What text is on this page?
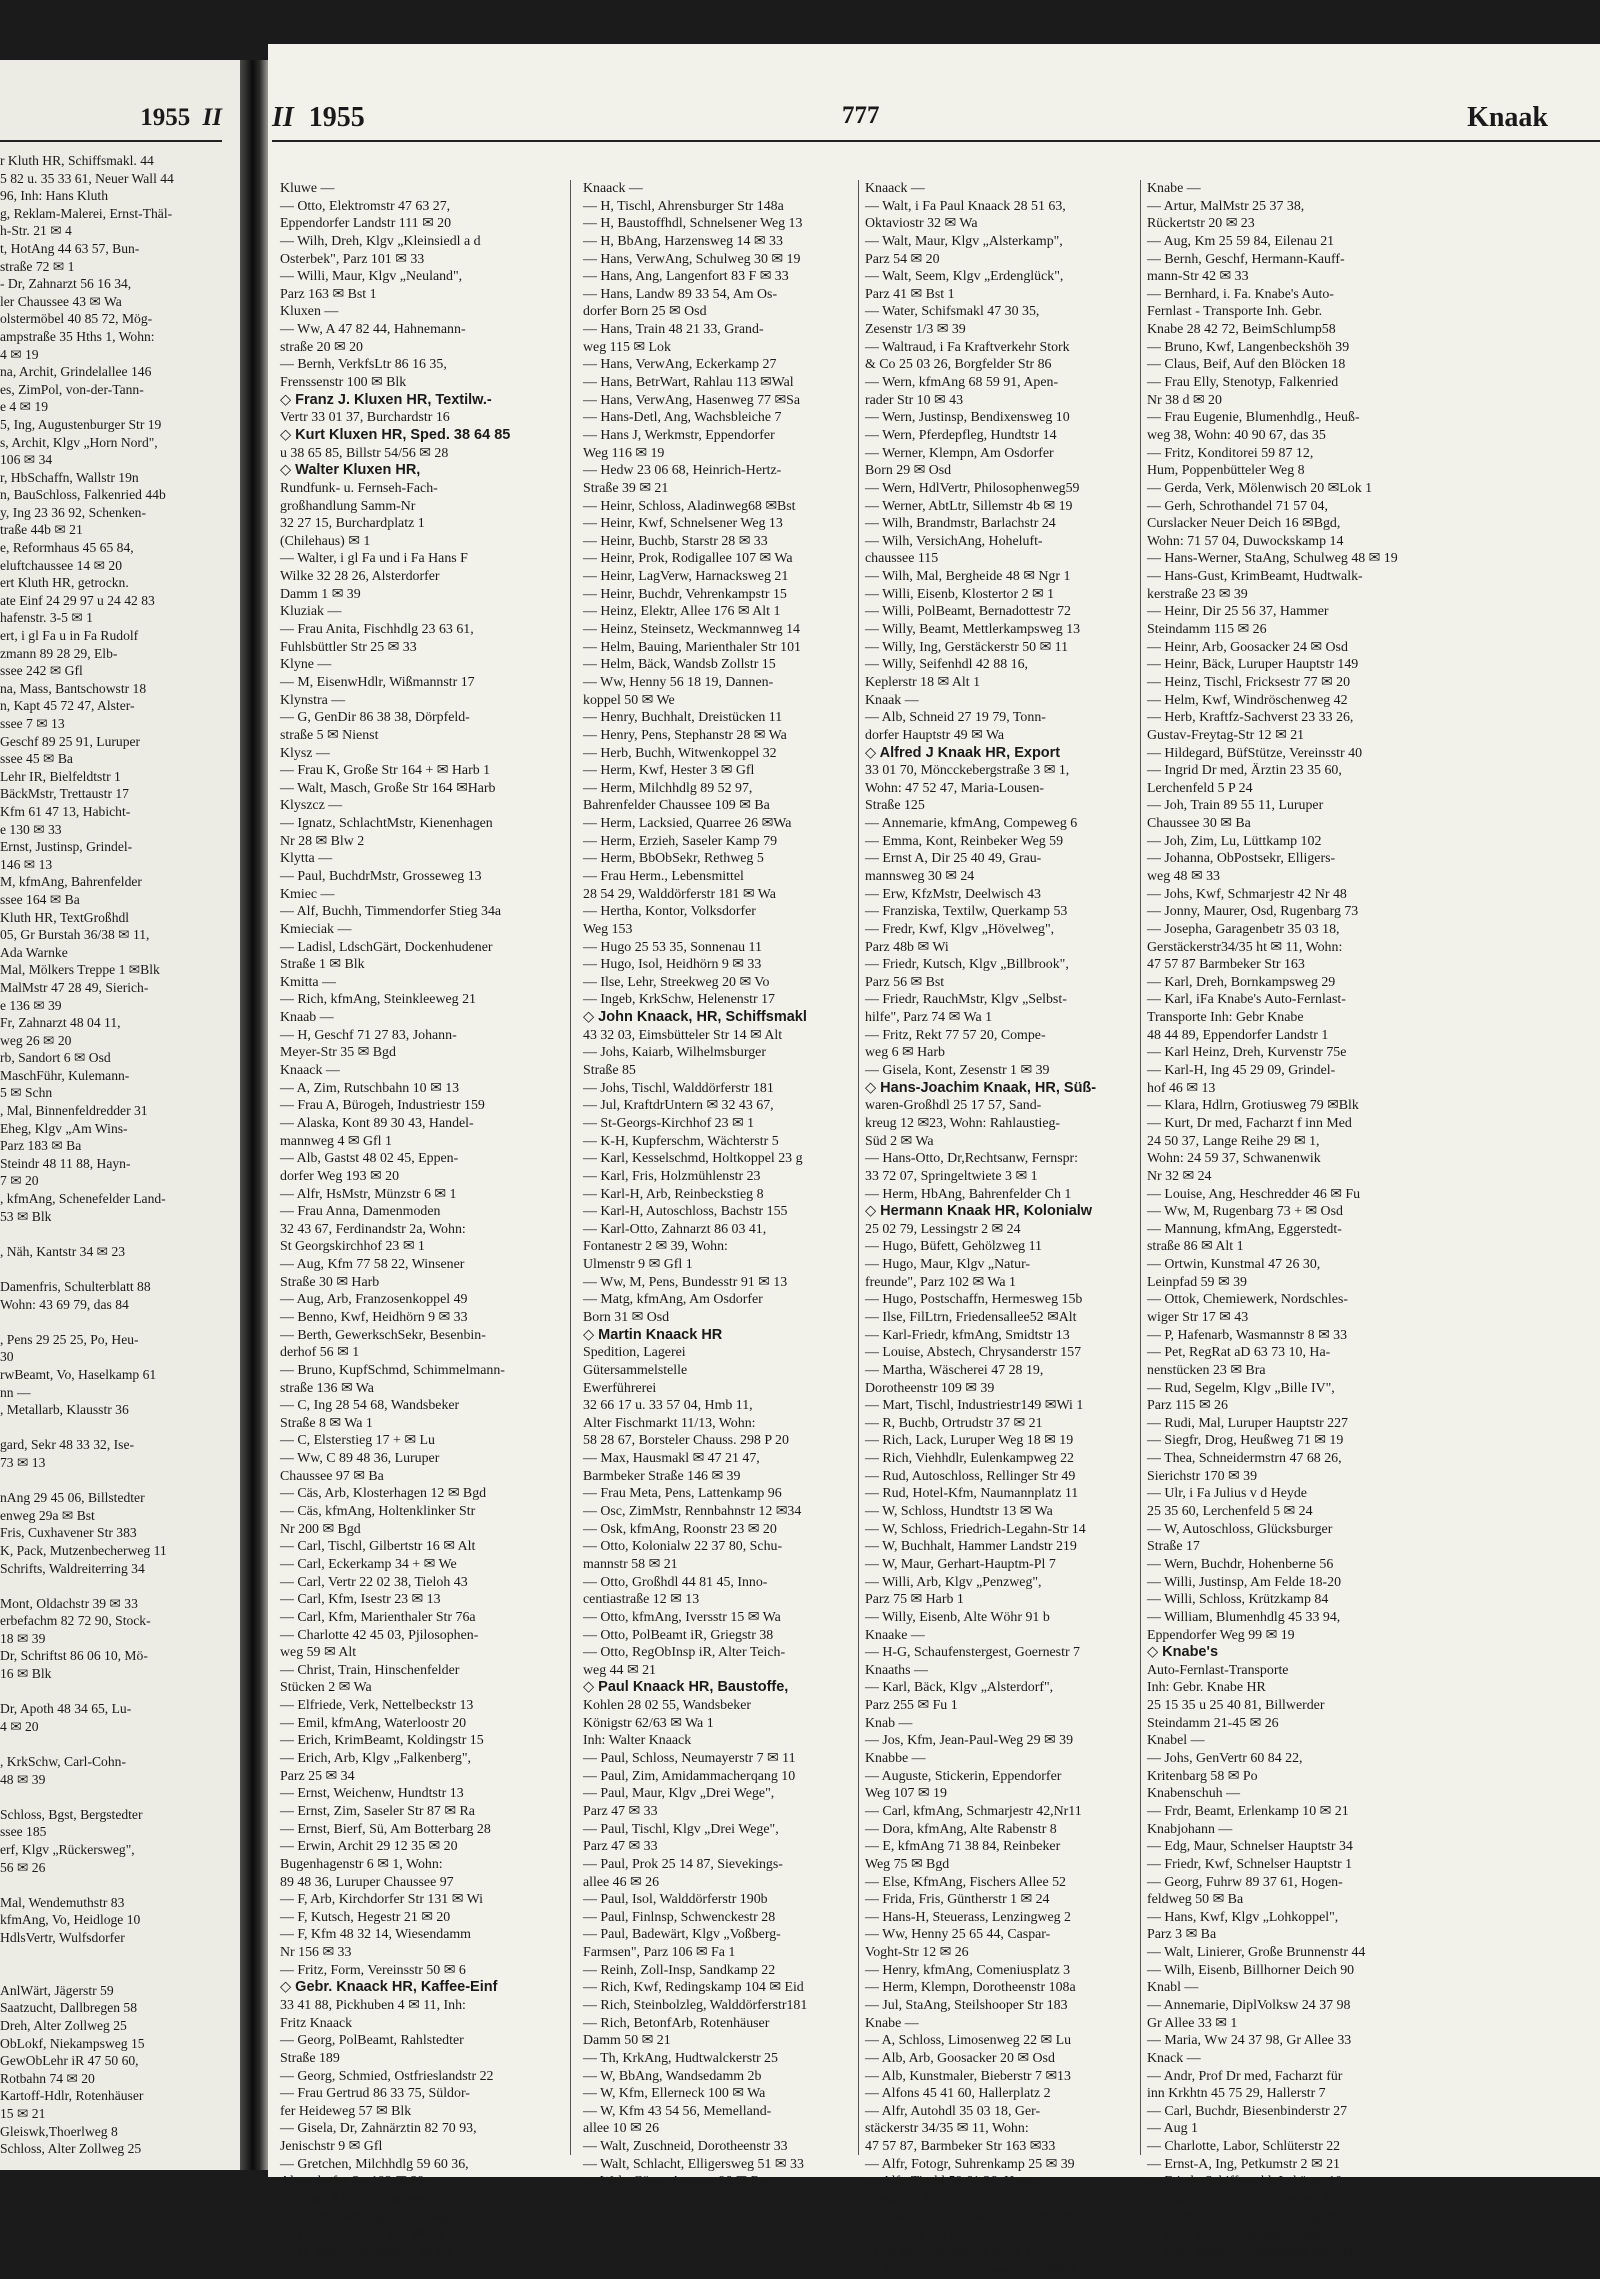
1955 II
r Kluth HR, Schiffsmakl. 44
5 82 u. 35 33 61, Neuer Wall 44
96, Inh: Hans Kluth
g, Reklam-Malerei, Ernst-Thäl-
h-Str. 21 ✉ 4
t, HotAng 44 63 57, Bun-
straße 72 ✉ 1
- Dr, Zahnarzt 56 16 34,
ler Chaussee 43 ✉ Wa
olstermöbel 40 85 72, Mög-
ampstraße 35 Hths 1, Wohn:
4 ✉ 19
na, Archit, Grindelallee 146
es, ZimPol, von-der-Tann-
e 4 ✉ 19
5, Ing, Augustenburger Str 19
s, Archit, Klgv „Horn Nord",
106 ✉ 34
r, HbSchaffn, Wallstr 19n
n, BauSchloss, Falkenried 44b
y, Ing 23 36 92, Schenken-
traße 44b ✉ 21
e, Reformhaus 45 65 84,
eluftchaussee 14 ✉ 20
ert Kluth HR, getrockn.
ate Einf 24 29 97 u 24 42 83
hafenstr. 3-5 ✉ 1
ert, i gl Fa u in Fa Rudolf
zmann 89 28 29, Elb-
ssee 242 ✉ Gfl
na, Mass, Bantschowstr 18
n, Kapt 45 72 47, Alster-
ssee 7 ✉ 13
Geschf 89 25 91, Luruper
ssee 45 ✉ Ba
Lehr IR, Bielfeldtstr 1
BäckMstr, Trettaustr 17
Kfm 61 47 13, Habicht-
e 130 ✉ 33
Ernst, Justinsp, Grindel-
146 ✉ 13
M, kfmAng, Bahrenfelder
ssee 164 ✉ Ba
Kluth HR, TextGroßhdl
05, Gr Burstah 36/38 ✉ 11,
Ada Warnke
Mal, Mölkers Treppe 1 ✉Blk
MalMstr 47 28 49, Sierich-
e 136 ✉ 39
Fr, Zahnarzt 48 04 11,
weg 26 ✉ 20
rb, Sandort 6 ✉ Osd
MaschFühr, Kulemann-
5 ✉ Schn
, Mal, Binnenfeldredder 31
Eheg, Klgv „Am Wins-
Parz 183 ✉ Ba
Steindr 48 11 88, Hayn-
7 ✉ 20
, kfmAng, Schenefelder Land-
53 ✉ Blk
, Näh, Kantstr 34 ✉ 23
Damenfris, Schulterblatt 88
Wohn: 43 69 79, das 84
, Pens 29 25 25, Po, Heu-
30
rwBeamt, Vo, Haselkamp 61
nn —
, Metallarb, Klausstr 36
gard, Sekr 48 33 32, Ise-
73 ✉ 13
nAng 29 45 06, Billstedter
enweg 29a ✉ Bst
Fris, Cuxhavener Str 383
K, Pack, Mutzenbecherweg 11
Schrifts, Waldreiterring 34
Mont, Oldachstr 39 ✉ 33
erbefachm 82 72 90, Stock-
18 ✉ 39
Dr, Schriftst 86 06 10, Mö-
16 ✉ Blk
Dr, Apoth 48 34 65, Lu-
4 ✉ 20
, KrkSchw, Carl-Cohn-
48 ✉ 39
Schloss, Bgst, Bergstedter
ssee 185
erf, Klgv „Rückersweg",
56 ✉ 26
Mal, Wendemuthstr 83
kfmAng, Vo, Heidloge 10
HdlsVertr, Wulfsdorfer
AnlWärt, Jägerstr 59
Saatzucht, Dallbregen 58
Dreh, Alter Zollweg 25
ObLokf, Niekampsweg 15
GewObLehr iR 47 50 60,
Rotbahn 74 ✉ 20
Kartoff-Hdlr, Rotenhäuser
15 ✉ 21
Gleiswk,Thoerlweg 8
Schloss, Alter Zollweg 25
II 1955	777	Knaak
Kluwe —
— Otto, Elektromstr 47 63 27,
Eppendorfer Landstr 111 ✉ 20
— Wilh, Dreh, Klgv „Kleinsiedl a d
Osterbek", Parz 101 ✉ 33
— Willi, Maur, Klgv „Neuland",
Parz 163 ✉ Bst 1
Kluxen —
— Ww, A 47 82 44, Hahnemann-
straße 20 ✉ 20
— Bernh, VerkfsLtr 86 16 35,
Frenssenstr 100 ✉ Blk
◇ Franz J. Kluxen HR, Textilw.-
Vertr 33 01 37, Burchardstr 16
◇ Kurt Kluxen HR, Sped. 38 64 85
u 38 65 85, Billstr 54/56 ✉ 28
◇ Walter Kluxen HR,
Rundfunk- u. Fernseh-Fach-
großhandlung Samm-Nr
32 27 15, Burchardplatz 1
(Chilehaus) ✉ 1
— Walter, i gl Fa und i Fa Hans F
Wilke 32 28 26, Alsterdorfer
Damm 1 ✉ 39
Kluziak —
— Frau Anita, Fischhdlg 23 63 61,
Fuhlsbüttler Str 25 ✉ 33
Klyne —
— M, EisenwHdlr, Wißmannstr 17
Klynstra —
— G, GenDir 86 38 38, Dörpfeld-
straße 5 ✉ Nienst
Klysz —
— Frau K, Große Str 164 + ✉ Harb 1
— Walt, Masch, Große Str 164 ✉Harb
Klyszcz —
— Ignatz, SchlachtMstr, Kienenhagen
Nr 28 ✉ Blw 2
Klytta —
— Paul, BuchdrMstr, Grosseweg 13
Kmiec —
— Alf, Buchh, Timmendorfer Stieg 34a
Kmieciak —
— Ladisl, LdschGärt, Dockenhudener
Straße 1 ✉ Blk
Kmitta —
— Rich, kfmAng, Steinkleeweg 21
Knaab —
— H, Geschf 71 27 83, Johann-
Meyer-Str 35 ✉ Bgd
Knaack —
— A, Zim, Rutschbahn 10 ✉ 13
— Frau A, Bürogeh, Industriestr 159
— Alaska, Kont 89 30 43, Handel-
mannweg 4 ✉ Gfl 1
— Alb, Gastst 48 02 45, Eppen-
dorfer Weg 193 ✉ 20
— Alfr, HsMstr, Münzstr 6 ✉ 1
— Frau Anna, Damenmoden
32 43 67, Ferdinandstr 2a, Wohn:
St Georgskirchhof 23 ✉ 1
— Aug, Kfm 77 58 22, Winsener
Straße 30 ✉ Harb
— Aug, Arb, Franzosenkoppel 49
— Benno, Kwf, Heidhörn 9 ✉ 33
— Berth, GewerkschSekr, Besenbin-
derhof 56 ✉ 1
— Bruno, KupfSchmd, Schimmelmann-
straße 136 ✉ Wa
— C, Ing 28 54 68, Wandsbeker
Straße 8 ✉ Wa 1
— C, Elsterstieg 17 + ✉ Lu
— Ww, C 89 48 36, Luruper
Chaussee 97 ✉ Ba
— Cäs, Arb, Klosterhagen 12 ✉ Bgd
— Cäs, kfmAng, Holtenklinker Str
Nr 200 ✉ Bgd
— Carl, Tischl, Gilbertstr 16 ✉ Alt
— Carl, Eckerkamp 34 + ✉ We
— Carl, Vertr 22 02 38, Tieloh 43
— Carl, Kfm, Isestr 23 ✉ 13
— Carl, Kfm, Marienthaler Str 76a
— Charlotte 42 45 03, Pjilosophen-
weg 59 ✉ Alt
— Christ, Train, Hinschenfelder
Stücken 2 ✉ Wa
— Elfriede, Verk, Nettelbeckstr 13
— Emil, kfmAng, Waterloostr 20
— Erich, KrimBeamt, Koldingstr 15
— Erich, Arb, Klgv „Falkenberg",
Parz 25 ✉ 34
— Ernst, Weichenw, Hundtstr 13
— Ernst, Zim, Saseler Str 87 ✉ Ra
— Ernst, Bierf, Sü, Am Botterbarg 28
— Erwin, Archit 29 12 35 ✉ 20
Bugenhagenstr 6 ✉ 1, Wohn:
89 48 36, Luruper Chaussee 97
— F, Arb, Kirchdorfer Str 131 ✉ Wi
— F, Kutsch, Hegestr 21 ✉ 20
— F, Kfm 48 32 14, Wiesendamm
Nr 156 ✉ 33
— Fritz, Form, Vereinsstr 50 ✉ 6
◇ Gebr. Knaack HR, Kaffee-Einf
33 41 88, Pickhuben 4 ✉ 11, Inh:
Fritz Knaack
— Georg, PolBeamt, Rahlstedter
Straße 189
— Georg, Schmied, Ostfrieslandstr 22
— Frau Gertrud 86 33 75, Süldor-
fer Heideweg 57 ✉ Blk
— Gisela, Dr, Zahnärztin 82 70 93,
Jenischstr 9 ✉ Gfl
— Gretchen, Milchhdlg 59 60 36,
Alsterdorfer Str 192 ✉ 39
— Gust, Kfm, Schmarjestr 26 ✉39
— Günth, Werkzgm, Spaldingstr 24
— H, Elektr, Allee 164 ✉ Alt 1
— H, Maur, Schultzstr 7 ✉ Wa
Knaack —
— H, Tischl, Ahrensburger Str 148a
— H, Baustoffhdl, Schnelsener Weg 13
— H, BbAng, Harzensweg 14 ✉ 33
— Hans, VerwAng, Schulweg 30 ✉ 19
— Hans, Ang, Langenfort 83 F ✉ 33
— Hans, Landw 89 33 54, Am Os-
dorfer Born 25 ✉ Osd
— Hans, Train 48 21 33, Grand-
weg 115 ✉ Lok
— Hans, VerwAng, Eckerkamp 27
— Hans, BetrWart, Rahlau 113 ✉Wal
— Hans, VerwAng, Hasenweg 77 ✉Sa
— Hans-Detl, Ang, Wachsbleiche 7
— Hans J, Werkmstr, Eppendorfer
Weg 116 ✉ 19
— Hedw 23 06 68, Heinrich-Hertz-
Straße 39 ✉ 21
— Heinr, Schloss, Aladinweg68 ✉Bst
— Heinr, Kwf, Schnelsener Weg 13
— Heinr, Buchb, Starstr 28 ✉ 33
— Heinr, Prok, Rodigallee 107 ✉ Wa
— Heinr, LagVerw, Harnacksweg 21
— Heinr, Buchdr, Vehrenkampstr 15
— Heinz, Elektr, Allee 176 ✉ Alt 1
— Heinz, Steinsetz, Weckmannweg 14
— Helm, Bauing, Marienthaler Str 101
— Helm, Bäck, Wandsb Zollstr 15
— Ww, Henny 56 18 19, Dannen-
koppel 50 ✉ We
— Henry, Buchhalt, Dreistücken 11
— Henry, Pens, Stephanstr 28 ✉ Wa
— Herb, Buchh, Witwenkoppel 32
— Herm, Kwf, Hester 3 ✉ Gfl
— Herm, Milchhdlg 89 52 97,
Bahrenfelder Chaussee 109 ✉ Ba
— Herm, Lacksied, Quarree 26 ✉Wa
— Herm, Erzieh, Saseler Kamp 79
— Herm, BbObSekr, Rethweg 5
— Frau Herm., Lebensmittel
28 54 29, Walddörferstr 181 ✉ Wa
— Hertha, Kontor, Volksdorfer
Weg 153
— Hugo 25 53 35, Sonnenau 11
— Hugo, Isol, Heidhörn 9 ✉ 33
— Ilse, Lehr, Streekweg 20 ✉ Vo
— Ingeb, KrkSchw, Helenenstr 17
◇ John Knaack, HR, Schiffsmakl
43 32 03, Eimsbütteler Str 14 ✉ Alt
— Johs, Kaiarb, Wilhelmsburger
Straße 85
— Johs, Tischl, Walddörferstr 181
— Jul, KraftdrUntern ✉ 32 43 67,
— St-Georgs-Kirchhof 23 ✉ 1
— K-H, Kupferschm, Wächterstr 5
— Karl, Kesselschmd, Holtkoppel 23 g
— Karl, Fris, Holzmühlenstr 23
— Karl-H, Arb, Reinbeckstieg 8
— Karl-H, Autoschloss, Bachstr 155
— Karl-Otto, Zahnarzt 86 03 41,
Fontanestr 2 ✉ 39, Wohn:
Ulmenstr 9 ✉ Gfl 1
— Ww, M, Pens, Bundesstr 91 ✉ 13
— Matg, kfmAng, Am Osdorfer
Born 31 ✉ Osd
◇ Martin Knaack HR
Spedition, Lagerei
Gütersammelstelle
Ewerführerei
32 66 17 u. 33 57 04, Hmb 11,
Alter Fischmarkt 11/13, Wohn:
58 28 67, Borsteler Chauss. 298 P 20
— Max, Hausmakl ✉ 47 21 47,
Barmbeker Straße 146 ✉ 39
— Frau Meta, Pens, Lattenkamp 96
— Osc, ZimMstr, Rennbahnstr 12 ✉34
— Osk, kfmAng, Roonstr 23 ✉ 20
— Otto, Kolonialw 22 37 80, Schu-
mannstr 58 ✉ 21
— Otto, Großhdl 44 81 45, Inno-
centiastraße 12 ✉ 13
— Otto, kfmAng, Iversstr 15 ✉ Wa
— Otto, PolBeamt iR, Griegstr 38
— Otto, RegObInsp iR, Alter Teich-
weg 44 ✉ 21
◇ Paul Knaack HR, Baustoffe,
Kohlen 28 02 55, Wandsbeker
Königstr 62/63 ✉ Wa 1
Inh: Walter Knaack
— Paul, Schloss, Neumayerstr 7 ✉ 11
— Paul, Zim, Amidammacherqang 10
— Paul, Maur, Klgv „Drei Wege",
Parz 47 ✉ 33
— Paul, Tischl, Klgv „Drei Wege",
Parz 47 ✉ 33
— Paul, Prok 25 14 87, Sievekings-
allee 46 ✉ 26
— Paul, Isol, Walddörferstr 190b
— Paul, Finlnsp, Schwenckestr 28
— Paul, Badewärt, Klgv „Voßberg-
Farmsen", Parz 106 ✉ Fa 1
— Reinh, Zoll-Insp, Sandkamp 22
— Rich, Kwf, Redingskamp 104 ✉ Eid
— Rich, Steinbolzleg, Walddörferstr181
— Rich, BetonfArb, Rotenhäuser
Damm 50 ✉ 21
— Th, KrkAng, Hudtwalckerstr 25
— W, BbAng, Wandsedamm 2b
— W, Kfm, Ellerneck 100 ✉ Wa
— W, Kfm 43 54 56, Memelland-
allee 10 ✉ 26
— Walt, Zuschneid, Dorotheenstr 33
— Walt, Schlacht, Elligersweg 51 ✉ 33
— Walt, Gärtn, Amtsstr 86 ✉ Ra
Knaack —
— Walt, i Fa Paul Knaack 28 51 63,
Oktaviostr 32 ✉ Wa
— Walt, Maur, Klgv „Alsterkamp",
Parz 54 ✉ 20
— Walt, Seem, Klgv „Erdenglück",
Parz 41 ✉ Bst 1
— Water, Schifsmakl 47 30 35,
Zesenstr 1/3 ✉ 39
— Waltraud, i Fa Kraftverkehr Stork
& Co 25 03 26, Borgfelder Str 86
— Wern, kfmAng 68 59 91, Apen-
rader Str 10 ✉ 43
— Wern, Justinsp, Bendixensweg 10
— Wern, Pferdepfleg, Hundtstr 14
— Werner, Klempn, Am Osdorfer
Born 29 ✉ Osd
— Wern, HdlVertr, Philosophenweg59
— Werner, AbtLtr, Sillemstr 4b ✉ 19
— Wilh, Brandmstr, Barlachstr 24
— Wilh, VersichAng, Hoheluft-
chaussee 115
— Wilh, Mal, Bergheide 48 ✉ Ngr 1
— Willi, Eisenb, Klostertor 2 ✉ 1
— Willi, PolBeamt, Bernadottestr 72
— Willy, Beamt, Mettlerkampsweg 13
— Willy, Ing, Gerstäckerstr 50 ✉ 11
— Willy, Seifenhdl 42 88 16,
Keplerstr 18 ✉ Alt 1
Knaak —
— Alb, Schneid 27 19 79, Tonn-
dorfer Hauptstr 49 ✉ Wa
◇ Alfred J Knaak HR, Export
33 01 70, Möncckebergstraße 3 ✉ 1,
Wohn: 47 52 47, Maria-Lousen-
Straße 125
— Annemarie, kfmAng, Compeweg 6
— Emma, Kont, Reinbeker Weg 59
— Ernst A, Dir 25 40 49, Grau-
mannsweg 30 ✉ 24
— Erw, KfzMstr, Deelwisch 43
— Franziska, Textilw, Querkamp 53
— Fredr, Kwf, Klgv „Hövelweg",
Parz 48b ✉ Wi
— Friedr, Kutsch, Klgv „Billbrook",
Parz 56 ✉ Bst
— Friedr, RauchMstr, Klgv „Selbst-
hilfe", Parz 74 ✉ Wa 1
— Fritz, Rekt 77 57 20, Compe-
weg 6 ✉ Harb
— Gisela, Kont, Zesenstr 1 ✉ 39
◇ Hans-Joachim Knaak, HR, Süß-
waren-Großhdl 25 17 57, Sand-
kreug 12 ✉23, Wohn: Rahlaustieg-
Süd 2 ✉ Wa
— Hans-Otto, Dr,Rechtsanw, Fernspr:
33 72 07, Springeltwiete 3 ✉ 1
— Herm, HbAng, Bahrenfelder Ch 1
◇ Hermann Knaak HR, Kolonialw
25 02 79, Lessingstr 2 ✉ 24
— Hugo, Büfett, Gehölzweg 11
— Hugo, Maur, Klgv „Natur-
freunde", Parz 102 ✉ Wa 1
— Hugo, Postschaffn, Hermesweg 15b
— Ilse, FilLtrn, Friedensallee52 ✉Alt
— Karl-Friedr, kfmAng, Smidtstr 13
— Louise, Abstech, Chrysanderstr 157
— Martha, Wäscherei 47 28 19,
Dorotheenstr 109 ✉ 39
— Mart, Tischl, Industriestr149 ✉Wi 1
— R, Buchb, Ortrudstr 37 ✉ 21
— Rich, Lack, Luruper Weg 18 ✉ 19
— Rich, Viehhdlr, Eulenkampweg 22
— Rud, Autoschloss, Rellinger Str 49
— Rud, Hotel-Kfm, Naumannplatz 11
— W, Schloss, Hundtstr 13 ✉ Wa
— W, Schloss, Friedrich-Legahn-Str 14
— W, Buchhalt, Hammer Landstr 219
— W, Maur, Gerhart-Hauptm-Pl 7
— Willi, Arb, Klgv „Penzweg",
Parz 75 ✉ Harb 1
— Willy, Eisenb, Alte Wöhr 91 b
Knaake —
— H-G, Schaufenstergest, Goernestr 7
Knaaths —
— Karl, Bäck, Klgv „Alsterdorf",
Parz 255 ✉ Fu 1
Knab —
— Jos, Kfm, Jean-Paul-Weg 29 ✉ 39
Knabbe —
— Auguste, Stickerin, Eppendorfer
Weg 107 ✉ 19
— Carl, kfmAng, Schmarjestr 42,Nr11
— Dora, kfmAng, Alte Rabenstr 8
— E, kfmAng 71 38 84, Reinbeker
Weg 75 ✉ Bgd
— Else, KfmAng, Fischers Allee 52
— Frida, Fris, Güntherstr 1 ✉ 24
— Hans-H, Steuerass, Lenzingweg 2
— Ww, Henny 25 65 44, Caspar-
Voght-Str 12 ✉ 26
— Henry, kfmAng, Comeniusplatz 3
— Herm, Klempn, Dorotheenstr 108a
— Jul, StaAng, Steilshooper Str 183
Knabe —
— A, Schloss, Limosenweg 22 ✉ Lu
— Alb, Arb, Goosacker 20 ✉ Osd
— Alb, Kunstmaler, Bieberstr 7 ✉13
— Alfons 45 41 60, Hallerplatz 2
— Alfr, Autohdl 35 03 18, Ger-
stäckerstr 34/35 ✉ 11, Wohn:
47 57 87, Barmbeker Str 163 ✉33
— Alfr, Fotogr, Suhrenkamp 25 ✉ 39
— Alfr, Tischl 59 61 36, Hartz-
lohplatz 9 P 33
— Alwin, i Fa Knabe's Auto-Fernlast-
Transporte Inh Gebr Knabe
44 03 16, Schlankreye 69 ✉ 13
— Arth, Vertr, Schwalbenplatz 9 ✉33
Knabe —
— Artur, MalMstr 25 37 38,
Rückertstr 20 ✉ 23
— Aug, Km 25 59 84, Eilenau 21
— Bernh, Geschf, Hermann-Kauff-
mann-Str 42 ✉ 33
— Bernhard, i. Fa. Knabe's Auto-
Fernlast - Transporte Inh. Gebr.
Knabe 28 42 72, BeimSchlump58
— Bruno, Kwf, Langenbeckshöh 39
— Claus, Beif, Auf den Blöcken 18
— Frau Elly, Stenotyp, Falkenried
Nr 38 d ✉ 20
— Frau Eugenie, Blumenhdlg., Heuß-
weg 38, Wohn: 40 90 67, das 35
— Fritz, Konditorei 59 87 12,
Hum, Poppenbütteler Weg 8
— Gerda, Verk, Mölenwisch 20 ✉Lok 1
— Gerh, Schrothandel 71 57 04,
Curslacker Neuer Deich 16 ✉Bgd,
Wohn: 71 57 04, Duwockskamp 14
— Hans-Werner, StaAng, Schulweg 48 ✉ 19
— Hans-Gust, KrimBeamt, Hudtwalk-
kerstraße 23 ✉ 39
— Heinr, Dir 25 56 37, Hammer
Steindamm 115 ✉ 26
— Heinr, Arb, Goosacker 24 ✉ Osd
— Heinr, Bäck, Luruper Hauptstr 149
— Heinz, Tischl, Fricksestr 77 ✉ 20
— Helm, Kwf, Windröschenweg 42
— Herb, Kraftfz-Sachverst 23 33 26,
Gustav-Freytag-Str 12 ✉ 21
— Hildegard, BüfStütze, Vereinsstr 40
— Ingrid Dr med, Ärztin 23 35 60,
Lerchenfeld 5 P 24
— Joh, Train 89 55 11, Luruper
Chaussee 30 ✉ Ba
— Joh, Zim, Lu, Lüttkamp 102
— Johanna, ObPostsekr, Elligers-
weg 48 ✉ 33
— Johs, Kwf, Schmarjestr 42 Nr 48
— Jonny, Maurer, Osd, Rugenbarg 73
— Josepha, Garagenbetr 35 03 18,
Gerstäckerstr34/35 ht ✉ 11, Wohn:
47 57 87 Barmbeker Str 163
— Karl, Dreh, Bornkampsweg 29
— Karl, iFa Knabe's Auto-Fernlast-
Transporte Inh: Gebr Knabe
48 44 89, Eppendorfer Landstr 1
— Karl Heinz, Dreh, Kurvenstr 75e
— Karl-H, Ing 45 29 09, Grindel-
hof 46 ✉ 13
— Klara, Hdlrn, Grotiusweg 79 ✉Blk
— Kurt, Dr med, Facharzt f inn Med
24 50 37, Lange Reihe 29 ✉ 1,
Wohn: 24 59 37, Schwanenwik
Nr 32 ✉ 24
— Louise, Ang, Heschredder 46 ✉ Fu
— Ww, M, Rugenbarg 73 + ✉ Osd
— Mannung, kfmAng, Eggerstedt-
straße 86 ✉ Alt 1
— Ortwin, Kunstmal 47 26 30,
Leinpfad 59 ✉ 39
— Ottok, Chemiewerk, Nordschles-
wiger Str 17 ✉ 43
— P, Hafenarb, Wasmannstr 8 ✉ 33
— Pet, RegRat aD 63 73 10, Ha-
nenstücken 23 ✉ Bra
— Rud, Segelm, Klgv „Bille IV",
Parz 115 ✉ 26
— Rudi, Mal, Luruper Hauptstr 227
— Siegfr, Drog, Heußweg 71 ✉ 19
— Thea, Schneidermstrn 47 68 26,
Sierichstr 170 ✉ 39
— Ulr, i Fa Julius v d Heyde
25 35 60, Lerchenfeld 5 ✉ 24
— W, Autoschloss, Glücksburger
Straße 17
— Wern, Buchdr, Hohenberne 56
— Willi, Justinsp, Am Felde 18-20
— Willi, Schloss, Krützkamp 84
— William, Blumenhdlg 45 33 94,
Eppendorfer Weg 99 ✉ 19
◇ Knabe's
Auto-Fernlast-Transporte
Inh: Gebr. Knabe HR
25 15 35 u 25 40 81, Billwerder
Steindamm 21-45 ✉ 26
Knabel —
— Johs, GenVertr 60 84 22,
Kritenbarg 58 ✉ Po
Knabenschuh —
— Frdr, Beamt, Erlenkamp 10 ✉ 21
Knabjohann —
— Edg, Maur, Schnelser Hauptstr 34
— Friedr, Kwf, Schnelser Hauptstr 1
— Georg, Fuhrw 89 37 61, Hogen-
feldweg 50 ✉ Ba
— Hans, Kwf, Klgv „Lohkoppel",
Parz 3 ✉ Ba
— Walt, Linierer, Große Brunnenstr 44
— Wilh, Eisenb, Billhorner Deich 90
Knabl —
— Annemarie, DiplVolksw 24 37 98
Gr Allee 33 ✉ 1
— Maria, Ww 24 37 98, Gr Allee 33
Knack —
— Andr, Prof Dr med, Facharzt für
inn Krkhtn 45 75 29, Hallerstr 7
— Carl, Buchdr, Biesenbinderstr 27
— Aug 1
— Charlotte, Labor, Schlüterstr 22
— Ernst-A, Ing, Petkumstr 2 ✉ 21
— Friedr, Schiffsmakl, Lehärstr 10
— Günt, Ang, Am Schulgarten 4
— Günth, kfmAng, Am Schulgarten 4
— H-H, Gärtn, Ratsmühlendamm 9
— Paul, Maurer, Graudenzer Weg 44
